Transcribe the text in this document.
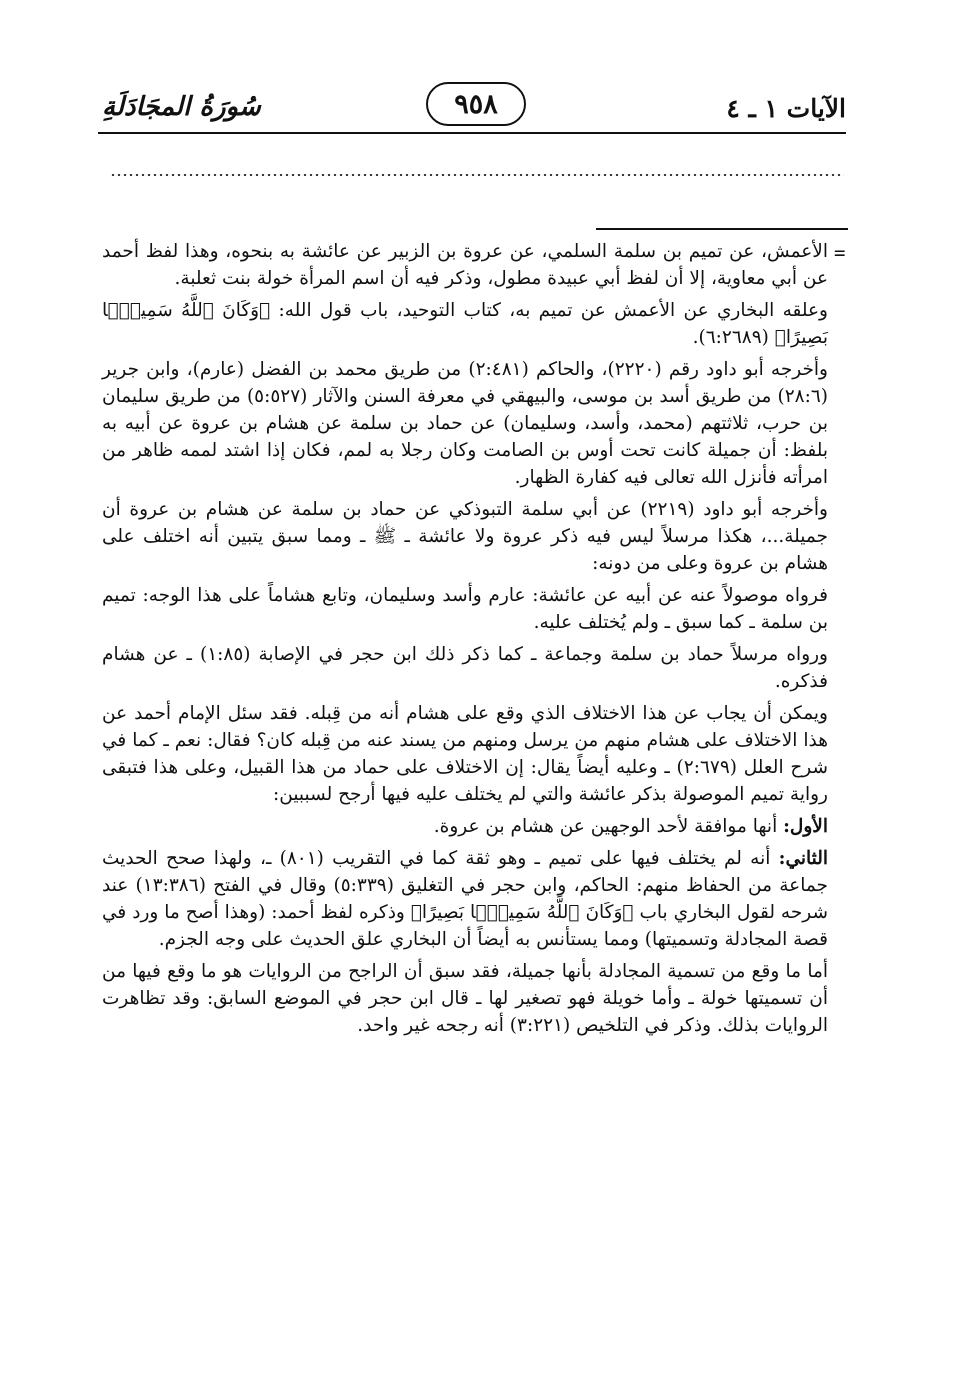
الآيات ١ ـ ٤
٩٥٨
سُورَةُ المجَادَلَةِ
=

الأعمش، عن تميم بن سلمة السلمي، عن عروة بن الزبير عن عائشة به بنحوه، وهذا لفظ أحمد عن أبي معاوية، إلا أن لفظ أبي عبيدة مطول، وذكر فيه أن اسم المرأة خولة بنت ثعلبة.

وعلقه البخاري عن الأعمش عن تميم به، كتاب التوحيد، باب قول الله: ﴿وَكَانَ ٱللَّهُ سَمِيعَۢا بَصِيرًا﴾ (٦:٢٦٨٩).

وأخرجه أبو داود رقم (٢٢٢٠)، والحاكم (٢:٤٨١) من طريق محمد بن الفضل (عارم)، وابن جرير (٢٨:٦) من طريق أسد بن موسى، والبيهقي في معرفة السنن والآثار (٥:٥٢٧) من طريق سليمان بن حرب، ثلاثتهم (محمد، وأسد، وسليمان) عن حماد بن سلمة عن هشام بن عروة عن أبيه به بلفظ: أن جميلة كانت تحت أوس بن الصامت وكان رجلا به لمم، فكان إذا اشتد لممه ظاهر من امرأته فأنزل الله تعالى فيه كفارة الظهار.

وأخرجه أبو داود (٢٢١٩) عن أبي سلمة التبوذكي عن حماد بن سلمة عن هشام بن عروة أن جميلة...، هكذا مرسلاً ليس فيه ذكر عروة ولا عائشة ـ ﷺ ـ ومما سبق يتبين أنه اختلف على هشام بن عروة وعلى من دونه:

فرواه موصولاً عنه عن أبيه عن عائشة: عارم وأسد وسليمان، وتابع هشاماً على هذا الوجه: تميم بن سلمة ـ كما سبق ـ ولم يُختلف عليه.

ورواه مرسلاً حماد بن سلمة وجماعة ـ كما ذكر ذلك ابن حجر في الإصابة (١:٨٥) ـ عن هشام فذكره.

ويمكن أن يجاب عن هذا الاختلاف الذي وقع على هشام أنه من قِبله. فقد سئل الإمام أحمد عن هذا الاختلاف على هشام منهم من يرسل ومنهم من يسند عنه من قِبله كان؟ فقال: نعم ـ كما في شرح العلل (٢:٦٧٩) ـ وعليه أيضاً يقال: إن الاختلاف على حماد من هذا القبيل، وعلى هذا فتبقى رواية تميم الموصولة بذكر عائشة والتي لم يختلف عليه فيها أرجح لسببين:

الأول: أنها موافقة لأحد الوجهين عن هشام بن عروة.

الثاني: أنه لم يختلف فيها على تميم ـ وهو ثقة كما في التقريب (٨٠١) ـ، ولهذا صحح الحديث جماعة من الحفاظ منهم: الحاكم، وابن حجر في التغليق (٥:٣٣٩) وقال في الفتح (١٣:٣٨٦) عند شرحه لقول البخاري باب ﴿وَكَانَ ٱللَّهُ سَمِيعَۢا بَصِيرًا﴾ وذكره لفظ أحمد: (وهذا أصح ما ورد في قصة المجادلة وتسميتها) ومما يستأنس به أيضاً أن البخاري علق الحديث على وجه الجزم.

أما ما وقع من تسمية المجادلة بأنها جميلة، فقد سبق أن الراجح من الروايات هو ما وقع فيها من أن تسميتها خولة ـ وأما خويلة فهو تصغير لها ـ قال ابن حجر في الموضع السابق: وقد تظاهرت الروايات بذلك. وذكر في التلخيص (٣:٢٢١) أنه رجحه غير واحد.
